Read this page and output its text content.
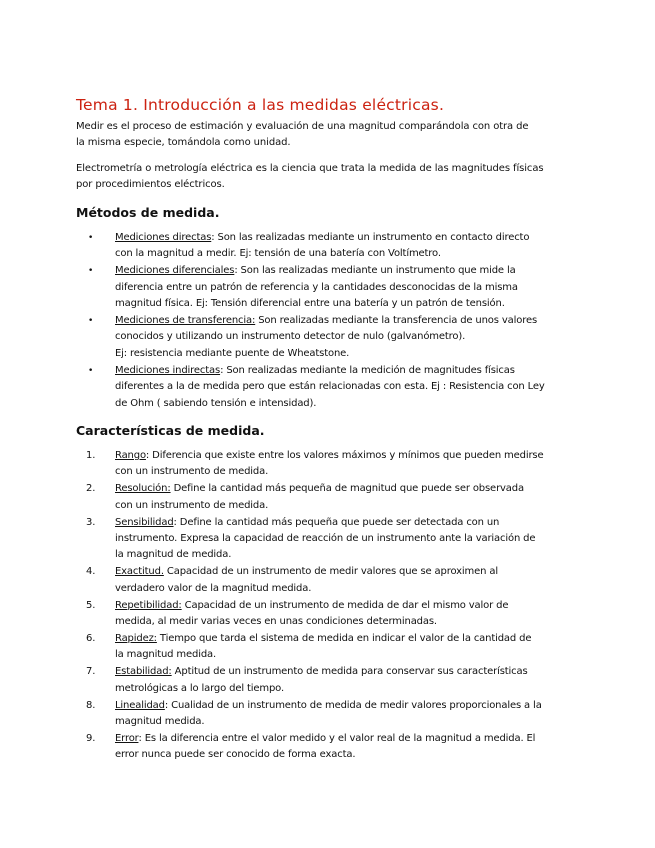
Tema 1. Introducción a las medidas eléctricas.
Medir es el proceso de estimación y evaluación de una magnitud comparándola con otra de
la misma especie, tomándola como unidad.
Electrometría o metrología eléctrica es la ciencia que trata la medida de las magnitudes físicas
por procedimientos eléctricos.
Métodos de medida.
•	Mediciones directas: Son las realizadas mediante un instrumento en contacto directo
con la magnitud a medir. Ej: tensión de una batería con Voltímetro.
•	Mediciones diferenciales: Son las realizadas mediante un instrumento que mide la
diferencia entre un patrón de referencia y la cantidades desconocidas de la misma
magnitud física. Ej: Tensión diferencial entre una batería y un patrón de tensión.
•	Mediciones de transferencia: Son realizadas mediante la transferencia de unos valores
conocidos y utilizando un instrumento detector de nulo (galvanómetro).
Ej: resistencia mediante puente de Wheatstone.
•	Mediciones indirectas: Son realizadas mediante la medición de magnitudes físicas
diferentes a la de medida pero que están relacionadas con esta. Ej : Resistencia con Ley
de Ohm ( sabiendo tensión e intensidad).
Características de medida.
1.	Rango: Diferencia que existe entre los valores máximos y mínimos que pueden medirse
con un instrumento de medida.
2.	Resolución: Define la cantidad más pequeña de magnitud que puede ser observada
con un instrumento de medida.
3.	Sensibilidad: Define la cantidad más pequeña que puede ser detectada con un
instrumento. Expresa la capacidad de reacción de un instrumento ante la variación de
la magnitud de medida.
4.	Exactitud. Capacidad de un instrumento de medir valores que se aproximen al
verdadero valor de la magnitud medida.
5.	Repetibilidad: Capacidad de un instrumento de medida de dar el mismo valor de
medida, al medir varias veces en unas condiciones determinadas.
6.	Rapidez: Tiempo que tarda el sistema de medida en indicar el valor de la cantidad de
la magnitud medida.
7.	Estabilidad: Aptitud de un instrumento de medida para conservar sus características
metrológicas a lo largo del tiempo.
8.	Linealidad: Cualidad de un instrumento de medida de medir valores proporcionales a la
magnitud medida.
9.	Error: Es la diferencia entre el valor medido y el valor real de la magnitud a medida. El
error nunca puede ser conocido de forma exacta.
